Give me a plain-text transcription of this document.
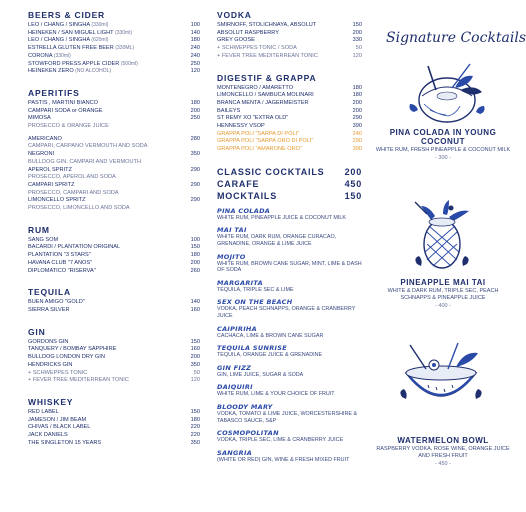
BEERS & CIDER
LEO / CHANG / SINGHA (330ml)	100
HEINEKEN / SAN MIGUEL LIGHT (330ml)	140
LEO / CHANG / SINGHA (620ml)	180
ESTRELLA GLUTEN FREE BEER (330ML)	240
CORONA (330ml)	240
STOWFORD PRESS APPLE CIDER (500ml)	250
HEINEKEN ZERO (NO ALCOHOL)	120
APERITIFS
PASTIS , MARTINI BIANCO	180
CAMPARI SODA or ORANGE	200
MIMOSA	250
PROSECCO & ORANGE JUICE
AMERICANO	280
CAMPARI, CARPANO VERMOUTH AND SODA
NEGRONI	350
BULLDOG GIN, CAMPARI AND VERMOUTH
APEROL SPRITZ	290
PROSECCO, APEROL AND SODA
CAMPARI SPRITZ	290
PROSECCO, CAMPARI AND SODA
LIMONCELLO SPRITZ	290
PROSECCO, LIMONCELLO AND SODA
RUM
SANG SOM	100
BACARDI / PLANTATION ORIGINAL	150
PLANTATION "3 STARS"	180
HAVANA CLUB "7 ANOS"	200
DIPLOMATICO "RISERVA"	260
TEQUILA
BUEN AMIGO "GOLD"	140
SIERRA SILVER	160
GIN
GORDONS GIN	150
TANQUERY / BOMBAY SAPPHIRE	160
BULLDOG LONDON DRY GIN	200
HENDRICKS GIN	350
+ SCHWEPPES TONIC	50
+ FEVER TREE MEDITERREAN TONIC	120
WHISKEY
RED LABEL	150
JAMESON / JIM BEAM	180
CHIVAS / BLACK LABEL	220
JACK DANIELS	220
THE SINGLETON 15 YEARS	350
VODKA
SMIRNOFF, STOLICHNAYA, ABSOLUT	150
ABSOLUT RASPBERRY	200
GREY GOOSE	330
+ SCHWEPPES TONIC / SODA	50
+ FEVER TREE MEDITERREAN TONIC	120
DIGESTIF & GRAPPA
MONTENEGRO / AMARETTO	180
LIMONCELLO / SAMBUCA MOLINARI	180
BRANCA MENTA / JAGERMEISTER	200
BAILEYS	200
ST REMY XO "EXTRA OLD"	290
HENNESSY VSOP	390
GRAPPA POLI "SARPA DI POLI"	240
GRAPPA POLI "SARPA ORO DI POLI"	290
GRAPPA POLI "AMARONE ORO"	390
CLASSIC COCKTAILS 200
CARAFE	450
MOCKTAILS	150
PINA COLADA
WHITE RUM, PINEAPPLE JUICE & COCONUT MILK
MAI TAI
WHITE RUM, DARK RUM, ORANGE CURACAO, GRENADINE, ORANGE & LIME JUICE
MOJITO
WHITE RUM, BROWN CANE SUGAR, MINT, LIME & DASH OF SODA
MARGARITA
TEQUILA, TRIPLE SEC & LIME
SEX ON THE BEACH
VODKA, PEACH SCHNAPPS, ORANGE & CRANBERRY JUICE
CAIPIRIHA
CACHACA, LIME & BROWN CANE SUGAR
TEQUILA SUNRISE
TEQUILA, ORANGE JUICE & GRENADINE
GIN FIZZ
GIN, LIME JUICE, SUGAR & SODA
DAIQUIRI
WHITE RUM, LIME & YOUR CHOICE OF FRUIT
BLOODY MARY
VODKA, TOMATO & LIME JUICE, WORCESTERSHIRE & TABASCO SAUCE, S&P
COSMOPOLITAN
VODKA, TRIPLE SEC, LIME & CRANBERRY JUICE
SANGRIA
(WHITE OR RED) GIN, WINE & FRESH MIXED FRUIT
Signature Cocktails
PINA COLADA IN YOUNG COCONUT
WHITE RUM, FRESH PINEAPPLE & COCONUT MILK
- 300 -
PINEAPPLE MAI TAI
WHITE & DARK RUM, TRIPLE SEC, PEACH SCHNAPPS & PINEAPPLE JUICE
- 400 -
WATERMELON BOWL
RASPBERRY VODKA, ROSE WINE, ORANGE JUICE AND FRESH FRUIT
- 450 -
